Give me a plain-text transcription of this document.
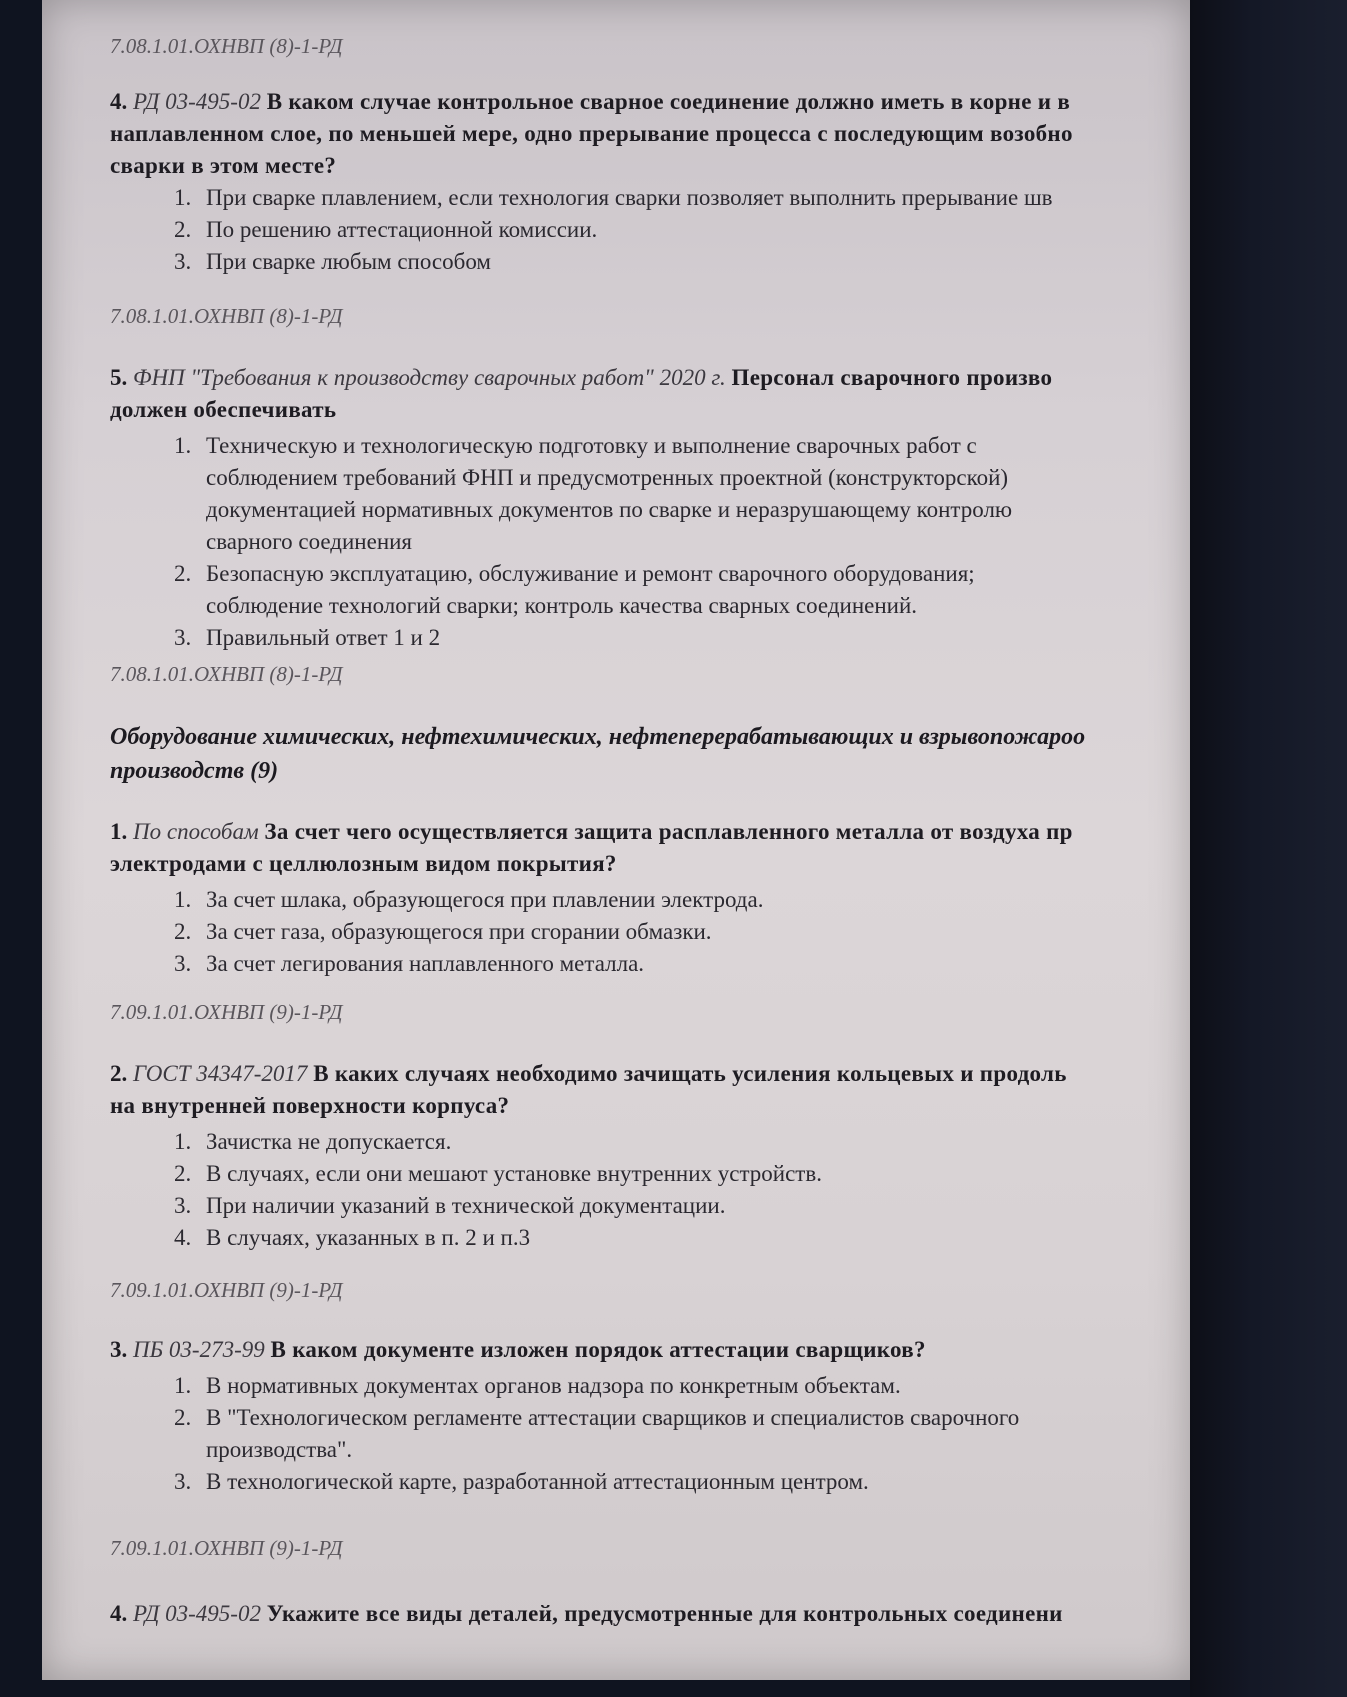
7.08.1.01.ОХНВП (8)-1-РД

4. РД 03-495-02 В каком случае контрольное сварное соединение должно иметь в корне и в
наплавленном слое, по меньшей мере, одно прерывание процесса с последующим возобно
сварки в этом месте?

1. При сварке плавлением, если технология сварки позволяет выполнить прерывание шв
2. По решению аттестационной комиссии.
3. При сварке любым способом

7.08.1.01.ОХНВП (8)-1-РД

5. ФНП "Требования к производству сварочных работ" 2020 г. Персонал сварочного произво
должен обеспечивать

1. Техническую и технологическую подготовку и выполнение сварочных работ с
соблюдением требований ФНП и предусмотренных проектной (конструкторской)
документацией нормативных документов по сварке и неразрушающему контролю
сварного соединения
2. Безопасную эксплуатацию, обслуживание и ремонт сварочного оборудования;
соблюдение технологий сварки; контроль качества сварных соединений.
3. Правильный ответ 1 и 2

7.08.1.01.ОХНВП (8)-1-РД

Оборудование химических, нефтехимических, нефтеперерабатывающих и взрывопожароо
производств (9)

1. По способам За счет чего осуществляется защита расплавленного металла от воздуха пр
электродами с целлюлозным видом покрытия?

1. За счет шлака, образующегося при плавлении электрода.
2. За счет газа, образующегося при сгорании обмазки.
3. За счет легирования наплавленного металла.

7.09.1.01.ОХНВП (9)-1-РД

2. ГОСТ 34347-2017 В каких случаях необходимо зачищать усиления кольцевых и продоль
на внутренней поверхности корпуса?

1. Зачистка не допускается.
2. В случаях, если они мешают установке внутренних устройств.
3. При наличии указаний в технической документации.
4. В случаях, указанных в п. 2 и п.3

7.09.1.01.ОХНВП (9)-1-РД

3. ПБ 03-273-99 В каком документе изложен порядок аттестации сварщиков?

1. В нормативных документах органов надзора по конкретным объектам.
2. В "Технологическом регламенте аттестации сварщиков и специалистов сварочного
производства".
3. В технологической карте, разработанной аттестационным центром.

7.09.1.01.ОХНВП (9)-1-РД

4. РД 03-495-02 Укажите все виды деталей, предусмотренные для контрольных соединени
